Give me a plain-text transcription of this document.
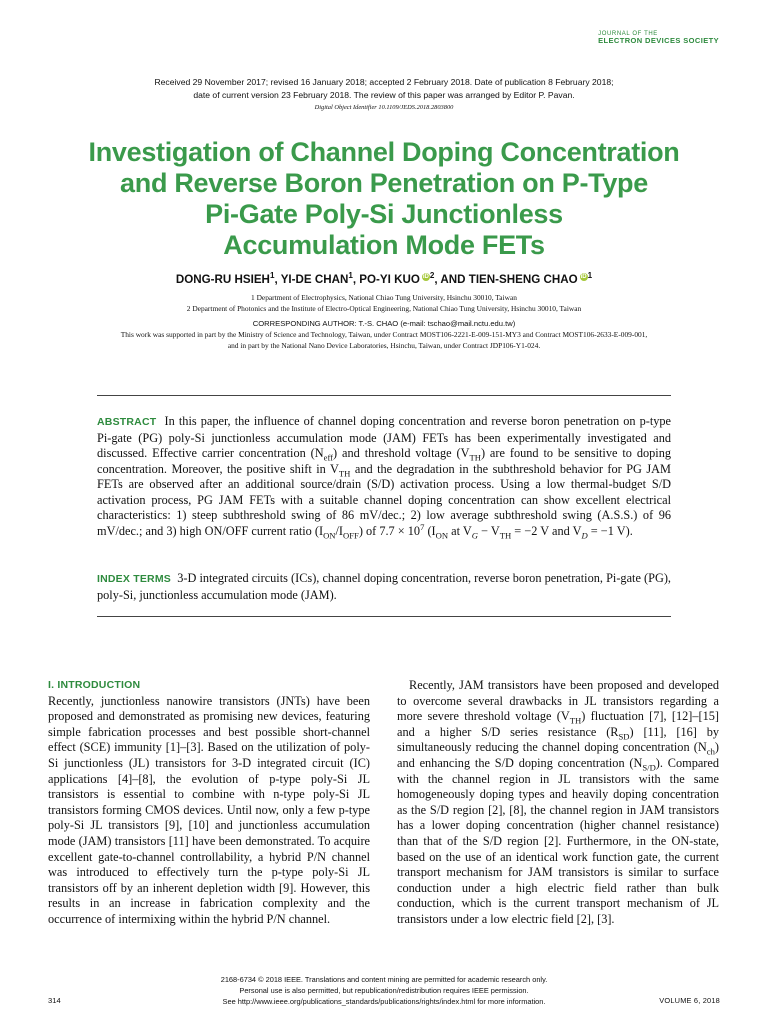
JOURNAL OF THE
ELECTRON DEVICES SOCIETY
Received 29 November 2017; revised 16 January 2018; accepted 2 February 2018. Date of publication 8 February 2018;
date of current version 23 February 2018. The review of this paper was arranged by Editor P. Pavan.
Digital Object Identifier 10.1109/JEDS.2018.2803800
Investigation of Channel Doping Concentration
and Reverse Boron Penetration on P-Type
Pi-Gate Poly-Si Junctionless
Accumulation Mode FETs
DONG-RU HSIEH$^1$, YI-DE CHAN$^1$, PO-YI KUO $iD^2$, AND TIEN-SHENG CHAO $iD^1$
1 Department of Electrophysics, National Chiao Tung University, Hsinchu 30010, Taiwan
2 Department of Photonics and the Institute of Electro-Optical Engineering, National Chiao Tung University, Hsinchu 30010, Taiwan
CORRESPONDING AUTHOR: T.-S. CHAO (e-mail: tschao@mail.nctu.edu.tw)
This work was supported in part by the Ministry of Science and Technology, Taiwan, under Contract MOST106-2221-E-009-151-MY3 and Contract MOST106-2633-E-009-001,
and in part by the National Nano Device Laboratories, Hsinchu, Taiwan, under Contract JDP106-Y1-024.
ABSTRACT In this paper, the influence of channel doping concentration and reverse boron penetration on p-type Pi-gate (PG) poly-Si junctionless accumulation mode (JAM) FETs has been experimentally investigated and discussed. Effective carrier concentration $(N_{eff})$ and threshold voltage $(V_{TH})$ are found to be sensitive to doping concentration. Moreover, the positive shift in $V_{TH}$ and the degradation in the subthreshold behavior for PG JAM FETs are observed after an additional source/drain (S/D) activation process. Using a low thermal-budget S/D activation process, PG JAM FETs with a suitable channel doping concentration can show excellent electrical characteristics: 1) steep subthreshold swing of 86 mV/dec.; 2) low average subthreshold swing (A.S.S.) of 96 mV/dec.; and 3) high ON/OFF current ratio $(I_{ON}/I_{OFF})$ of $7.7 \times 10^7$ ($I_{ON}$ at $V_G - V_{TH} = -2$ V and $V_D = -1$ V).
INDEX TERMS 3-D integrated circuits (ICs), channel doping concentration, reverse boron penetration, Pi-gate (PG), poly-Si, junctionless accumulation mode (JAM).
I. INTRODUCTION

Recently, junctionless nanowire transistors (JNTs) have been proposed and demonstrated as promising new devices, featuring simple fabrication processes and best possible short-channel effect (SCE) immunity [1]–[3]. Based on the utilization of poly-Si junctionless (JL) transistors for 3-D integrated circuit (IC) applications [4]–[8], the evolution of p-type poly-Si JL transistors is essential to combine with n-type poly-Si JL transistors forming CMOS devices. Until now, only a few p-type poly-Si JL transistors [9], [10] and junctionless accumulation mode (JAM) transistors [11] have been demonstrated. To acquire excellent gate-to-channel controllability, a hybrid P/N channel was introduced to effectively turn the p-type poly-Si JL transistors off by an inherent depletion width [9]. However, this results in an increase in fabrication complexity and the occurrence of intermixing within the hybrid P/N channel.

Recently, JAM transistors have been proposed and developed to overcome several drawbacks in JL transistors regarding a more severe threshold voltage $(V_{TH})$ fluctuation [7], [12]–[15] and a higher S/D series resistance $(R_{SD})$ [11], [16] by simultaneously reducing the channel doping concentration $(N_{ch})$ and enhancing the S/D doping concentration $(N_{S/D})$. Compared with the channel region in JL transistors with the same homogeneously doping types and heavily doping concentration as the S/D region [2], [8], the channel region in JAM transistors has a lower doping concentration (higher channel resistance) than that of the S/D region [2]. Furthermore, in the ON-state, based on the use of an identical work function gate, the current transport mechanism for JAM transistors is similar to surface conduction under a high electric field rather than bulk conduction, which is the current transport mechanism of JL transistors under a low electric field [2], [3].

2168-6734 © 2018 IEEE. Translations and content mining are permitted for academic research only.
Personal use is also permitted, but republication/redistribution requires IEEE permission.
See http://www.ieee.org/publications_standards/publications/rights/index.html for more information.
314	VOLUME 6, 2018
